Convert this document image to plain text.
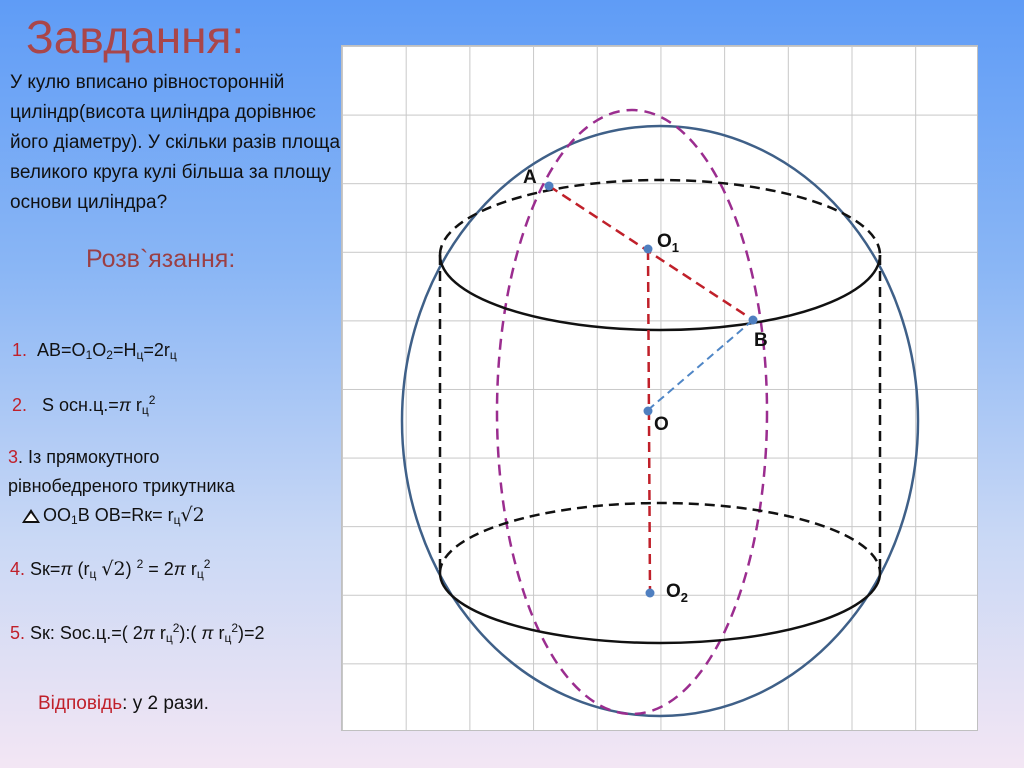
Завдання:

У кулю вписано рівносторонній
циліндр(висота циліндра дорівнює
його діаметру). У скільки разів площа
великого круга кулі більша за площу
основи циліндра?

Розв`язання:
1. $АВ=О_1О_2=Н_ц=2r_ц$
2. S осн.ц.=π $r_ц^2$
3. Із прямокутного
рівнобедреного трикутника
$OO_1B$ $OB=Rк= r_ц√2$
4. Sк=π ($r_ц$ √2) $^2$ = 2π $r_ц^2$
5. Sк: Sос.ц.=( 2π $r_ц^2$):( π $r_ц^2)=2$
Відповідь: у 2 рази.
A
B
O
$O_1$
$O_2$
